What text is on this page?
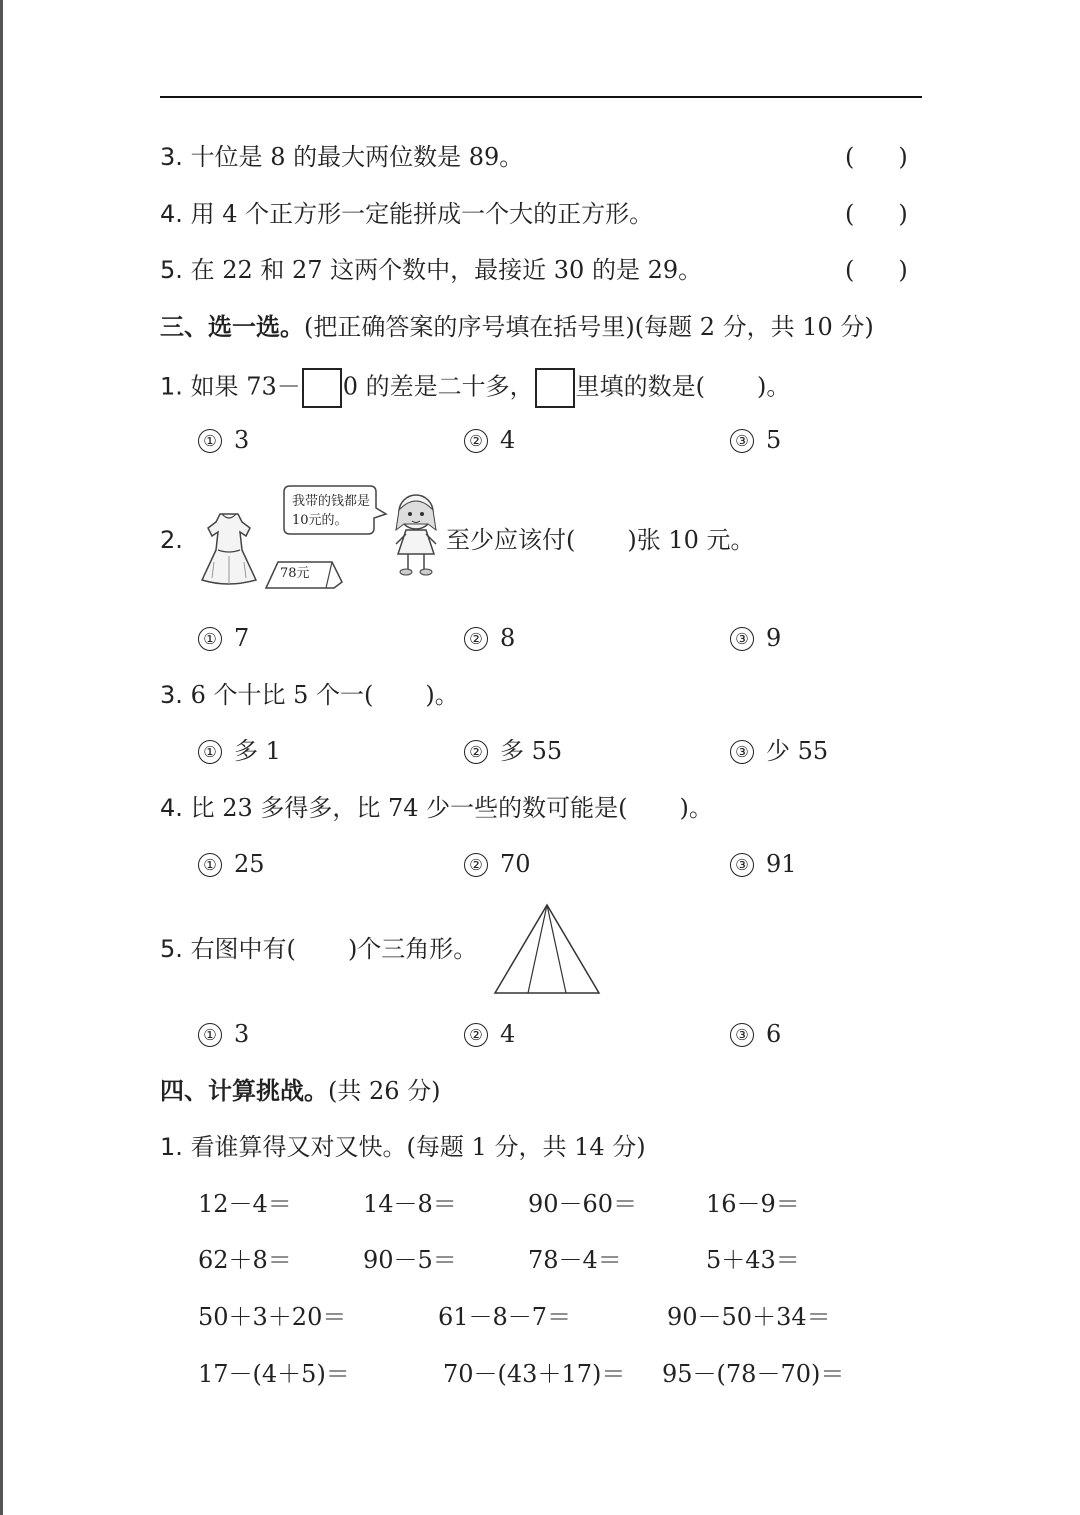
3. 十位是 8 的最大两位数是 89。	( )
4. 用 4 个正方形一定能拼成一个大的正方形。	( )
5. 在 22 和 27 这两个数中，最接近 30 的是 29。	( )
三、选一选。(把正确答案的序号填在括号里)(每题 2 分，共 10 分)
1. 如果 73－ 0 的差是二十多， 里填的数是( )。
① 3	② 4	③ 5
2.
78元
我带的钱都是10元的。
至少应该付( )张 10 元。
① 7	② 8	③ 9
3. 6 个十比 5 个一( )。
① 多 1	② 多 55	③ 少 55
4. 比 23 多得多，比 74 少一些的数可能是( )。
① 25	② 70	③ 91
5. 右图中有( )个三角形。
① 3	② 4	③ 6
四、计算挑战。(共 26 分)
1. 看谁算得又对又快。(每题 1 分，共 14 分)
12－4＝	14－8＝	90－60＝	16－9＝
62＋8＝	90－5＝	78－4＝	5＋43＝
50＋3＋20＝	61－8－7＝	90－50＋34＝
17－(4＋5)＝	70－(43＋17)＝ 95－(78－70)＝
